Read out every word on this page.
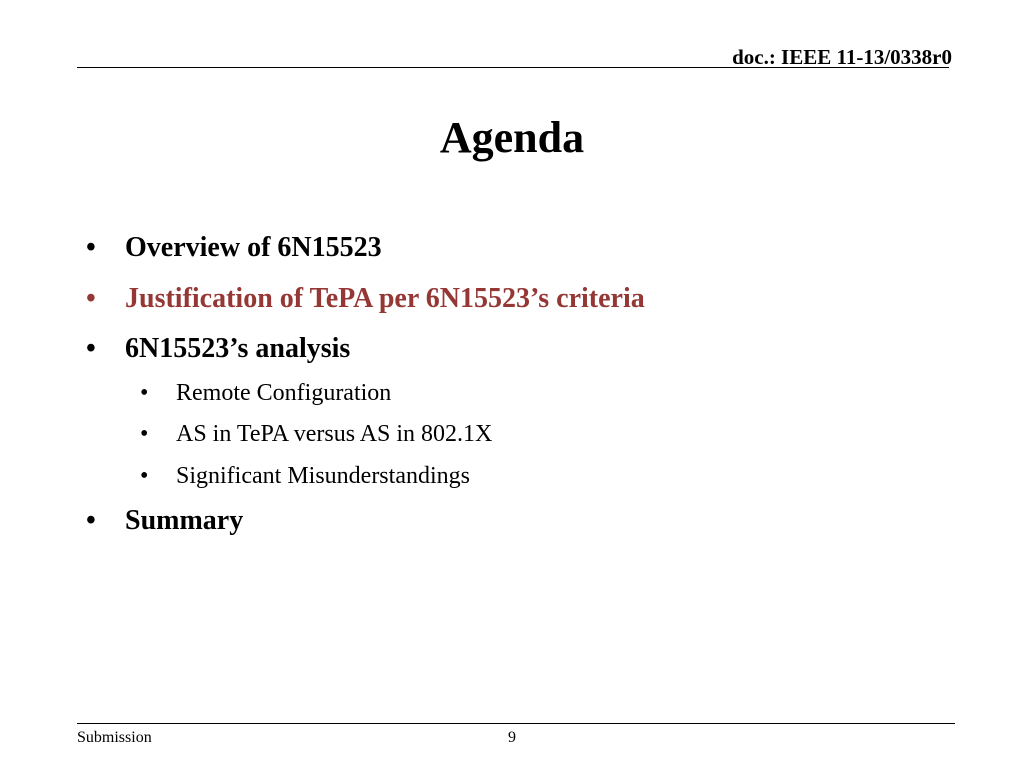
doc.: IEEE 11-13/0338r0
Agenda
• Overview of 6N15523
• Justification of TePA per 6N15523’s criteria
• 6N15523’s analysis
• Remote Configuration
• AS in TePA versus AS in 802.1X
• Significant Misunderstandings
• Summary
Submission	9
